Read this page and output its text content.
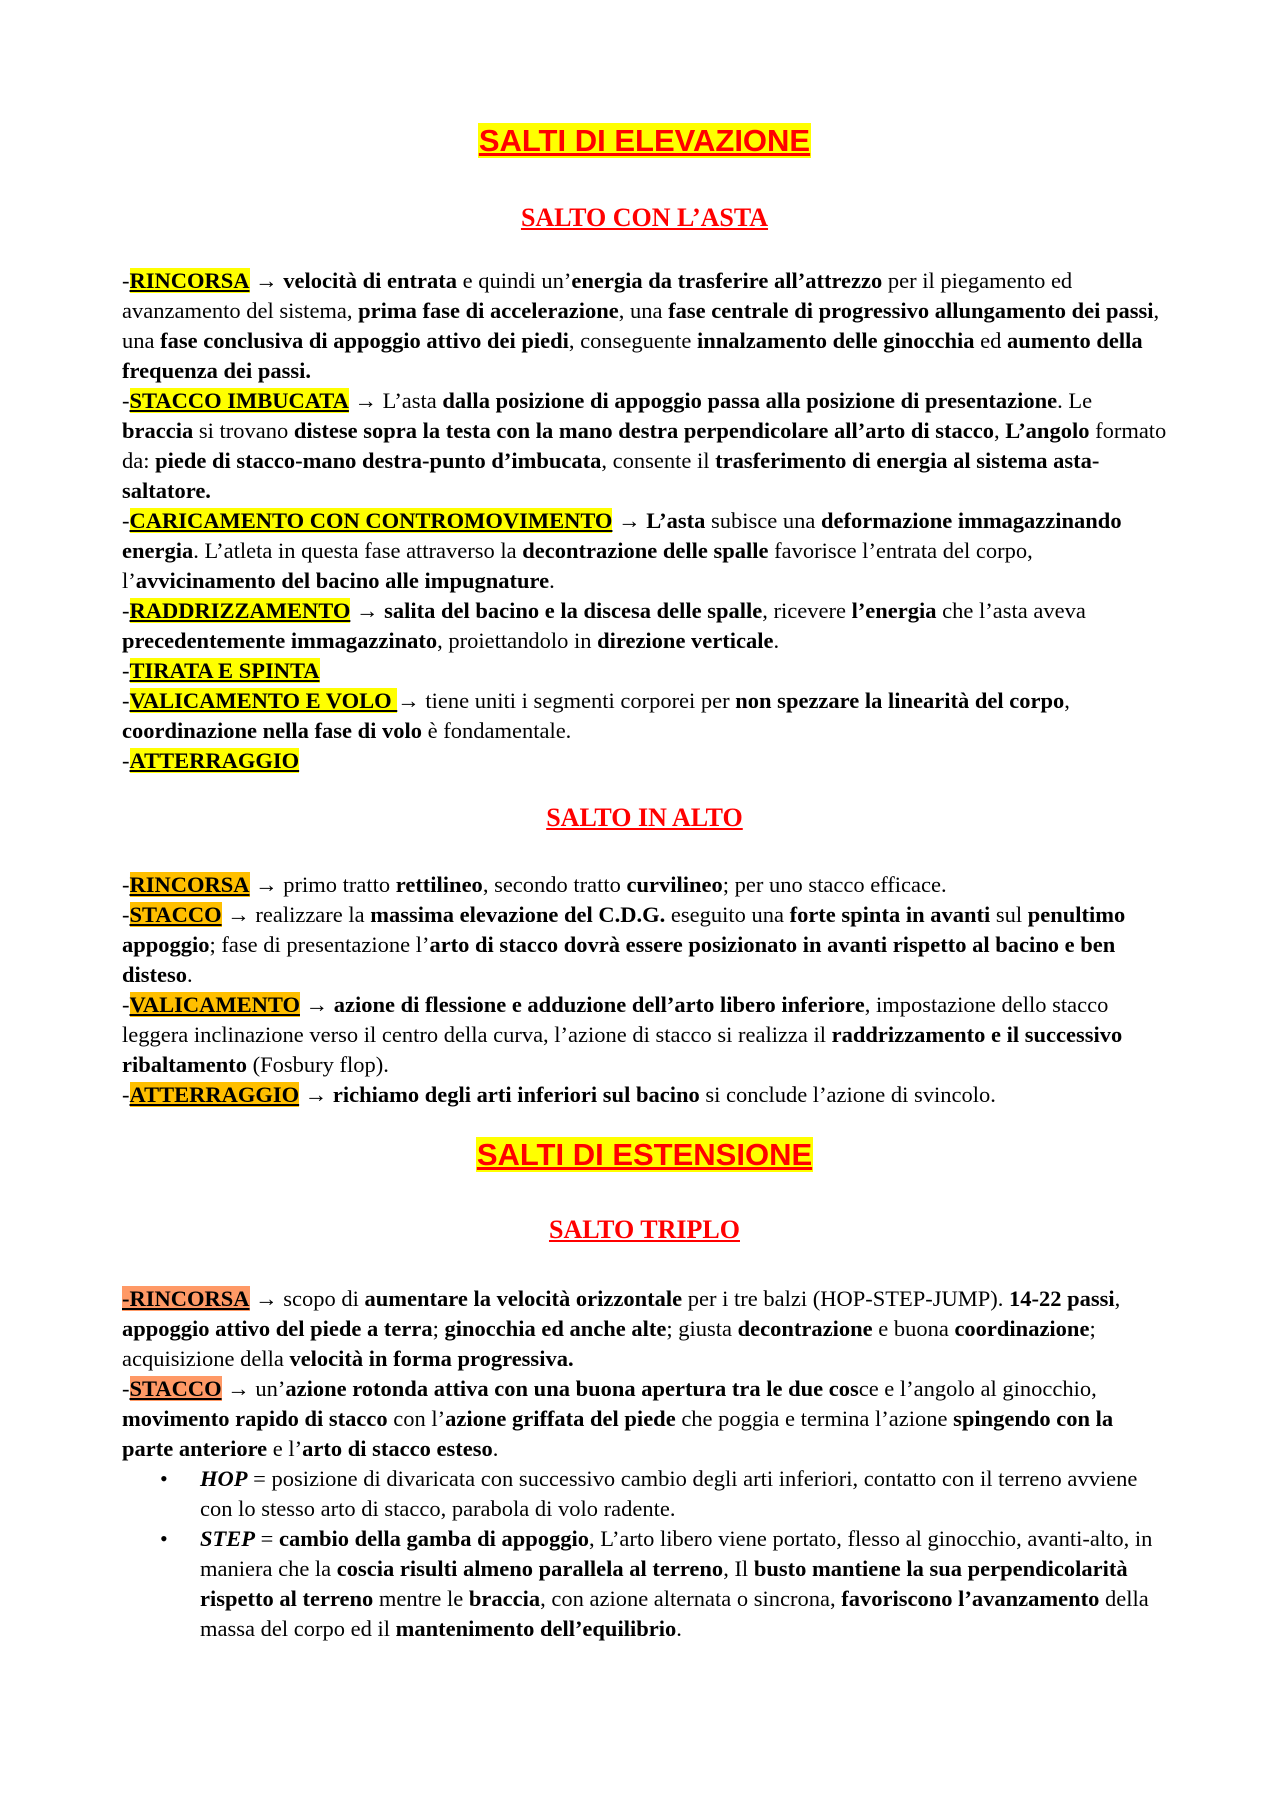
SALTI DI ELEVAZIONE
SALTO CON L’ASTA

-RINCORSA → velocità di entrata e quindi un’energia da trasferire all’attrezzo per il piegamento ed avanzamento del sistema, prima fase di accelerazione, una fase centrale di progressivo allungamento dei passi, una fase conclusiva di appoggio attivo dei piedi, conseguente innalzamento delle ginocchia ed aumento della frequenza dei passi.

-STACCO IMBUCATA → L’asta dalla posizione di appoggio passa alla posizione di presentazione. Le braccia si trovano distese sopra la testa con la mano destra perpendicolare all’arto di stacco, L’angolo formato da: piede di stacco-mano destra-punto d’imbucata, consente il trasferimento di energia al sistema asta-saltatore.

-CARICAMENTO CON CONTROMOVIMENTO → L’asta subisce una deformazione immagazzinando energia. L’atleta in questa fase attraverso la decontrazione delle spalle favorisce l’entrata del corpo, l’avvicinamento del bacino alle impugnature.

-RADDRIZZAMENTO → salita del bacino e la discesa delle spalle, ricevere l’energia che l’asta aveva precedentemente immagazzinato, proiettandolo in direzione verticale.

-TIRATA E SPINTA

-VALICAMENTO E VOLO → tiene uniti i segmenti corporei per non spezzare la linearità del corpo, coordinazione nella fase di volo è fondamentale.

-ATTERRAGGIO

SALTO IN ALTO

-RINCORSA → primo tratto rettilineo, secondo tratto curvilineo; per uno stacco efficace.

-STACCO → realizzare la massima elevazione del C.D.G. eseguito una forte spinta in avanti sul penultimo appoggio; fase di presentazione l’arto di stacco dovrà essere posizionato in avanti rispetto al bacino e ben disteso.

-VALICAMENTO → azione di flessione e adduzione dell’arto libero inferiore, impostazione dello stacco leggera inclinazione verso il centro della curva, l’azione di stacco si realizza il raddrizzamento e il successivo ribaltamento (Fosbury flop).

-ATTERRAGGIO → richiamo degli arti inferiori sul bacino si conclude l’azione di svincolo.

SALTI DI ESTENSIONE
SALTO TRIPLO

-RINCORSA → scopo di aumentare la velocità orizzontale per i tre balzi (HOP-STEP-JUMP). 14-22 passi, appoggio attivo del piede a terra; ginocchia ed anche alte; giusta decontrazione e buona coordinazione; acquisizione della velocità in forma progressiva.

-STACCO → un’azione rotonda attiva con una buona apertura tra le due cosce e l’angolo al ginocchio, movimento rapido di stacco con l’azione griffata del piede che poggia e termina l’azione spingendo con la parte anteriore e l’arto di stacco esteso.

• HOP = posizione di divaricata con successivo cambio degli arti inferiori, contatto con il terreno avviene con lo stesso arto di stacco, parabola di volo radente.
• STEP = cambio della gamba di appoggio, L’arto libero viene portato, flesso al ginocchio, avanti-alto, in maniera che la coscia risulti almeno parallela al terreno, Il busto mantiene la sua perpendicolarità rispetto al terreno mentre le braccia, con azione alternata o sincrona, favoriscono l’avanzamento della massa del corpo ed il mantenimento dell’equilibrio.
